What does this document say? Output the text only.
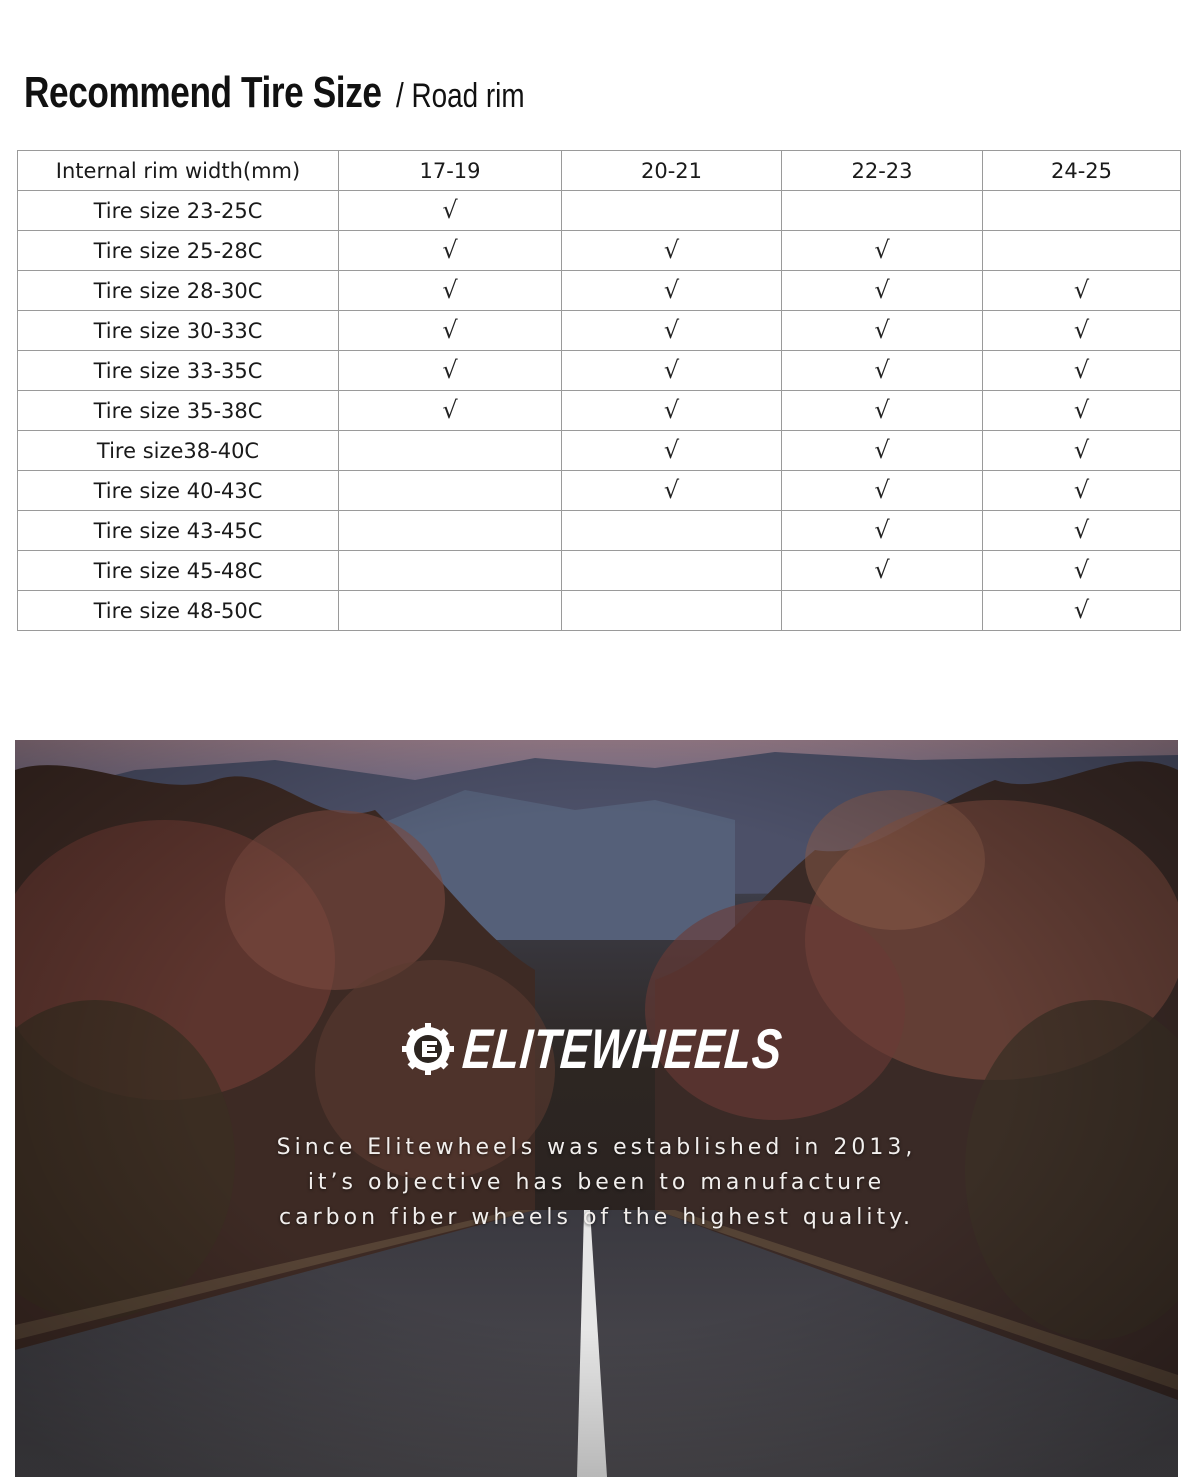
Recommend Tire Size / Road rim
Internal rim width(mm)	17-19	20-21	22-23	24-25
Tire size 23-25C	√			
Tire size 25-28C	√	√	√	
Tire size 28-30C	√	√	√	√
Tire size 30-33C	√	√	√	√
Tire size 33-35C	√	√	√	√
Tire size 35-38C	√	√	√	√
Tire size38-40C		√	√	√
Tire size 40-43C		√	√	√
Tire size 43-45C			√	√
Tire size 45-48C			√	√
Tire size 48-50C				√
ELITEWHEELS
Since Elitewheels was established in 2013,
it’s objective has been to manufacture
carbon fiber wheels of the highest quality.
